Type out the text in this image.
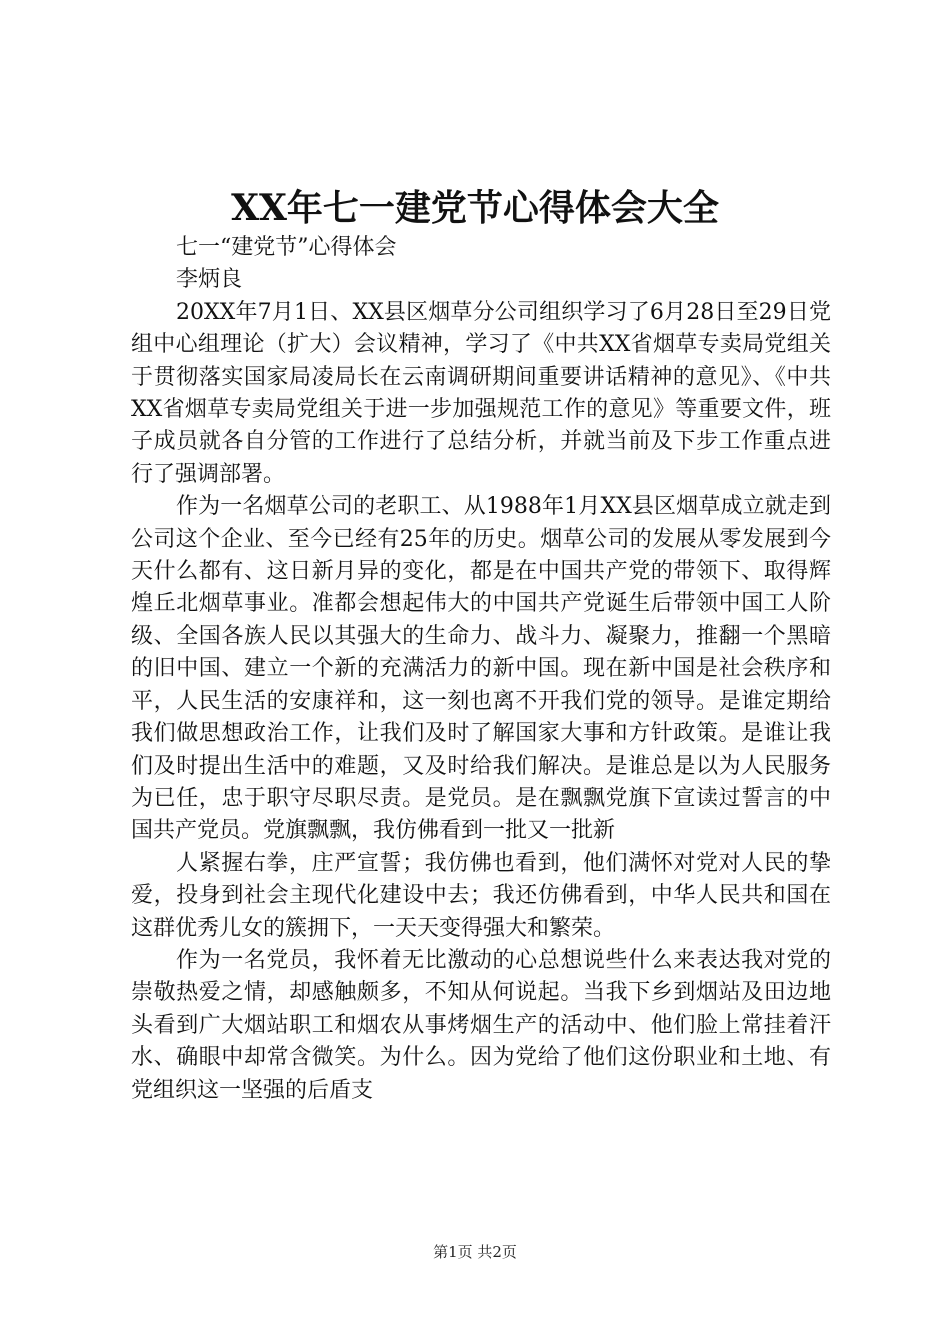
XX年七一建党节心得体会大全

七一“建党节”心得体会

李炳良

20XX年7月1日、XX县区烟草分公司组织学习了6月28日至29日党组中心组理论（扩大）会议精神，学习了《中共XX省烟草专卖局党组关于贯彻落实国家局凌局长在云南调研期间重要讲话精神的意见》、《中共XX省烟草专卖局党组关于进一步加强规范工作的意见》等重要文件，班子成员就各自分管的工作进行了总结分析，并就当前及下步工作重点进行了强调部署。

作为一名烟草公司的老职工、从1988年1月XX县区烟草成立就走到公司这个企业、至今已经有25年的历史。烟草公司的发展从零发展到今天什么都有、这日新月异的变化，都是在中国共产党的带领下、取得辉煌丘北烟草事业。准都会想起伟大的中国共产党诞生后带领中国工人阶级、全国各族人民以其强大的生命力、战斗力、凝聚力，推翻一个黑暗的旧中国、建立一个新的充满活力的新中国。现在新中国是社会秩序和平，人民生活的安康祥和，这一刻也离不开我们党的领导。是谁定期给我们做思想政治工作，让我们及时了解国家大事和方针政策。是谁让我们及时提出生活中的难题，又及时给我们解决。是谁总是以为人民服务为已任，忠于职守尽职尽责。是党员。是在飘飘党旗下宣读过誓言的中国共产党员。党旗飘飘，我仿佛看到一批又一批新

人紧握右拳，庄严宣誓；我仿佛也看到，他们满怀对党对人民的挚爱，投身到社会主现代化建设中去；我还仿佛看到，中华人民共和国在这群优秀儿女的簇拥下，一天天变得强大和繁荣。

作为一名党员，我怀着无比激动的心总想说些什么来表达我对党的崇敬热爱之情，却感触颇多，不知从何说起。当我下乡到烟站及田边地头看到广大烟站职工和烟农从事烤烟生产的活动中、他们脸上常挂着汗水、确眼中却常含微笑。为什么。因为党给了他们这份职业和土地、有党组织这一坚强的后盾支

第1页 共2页
